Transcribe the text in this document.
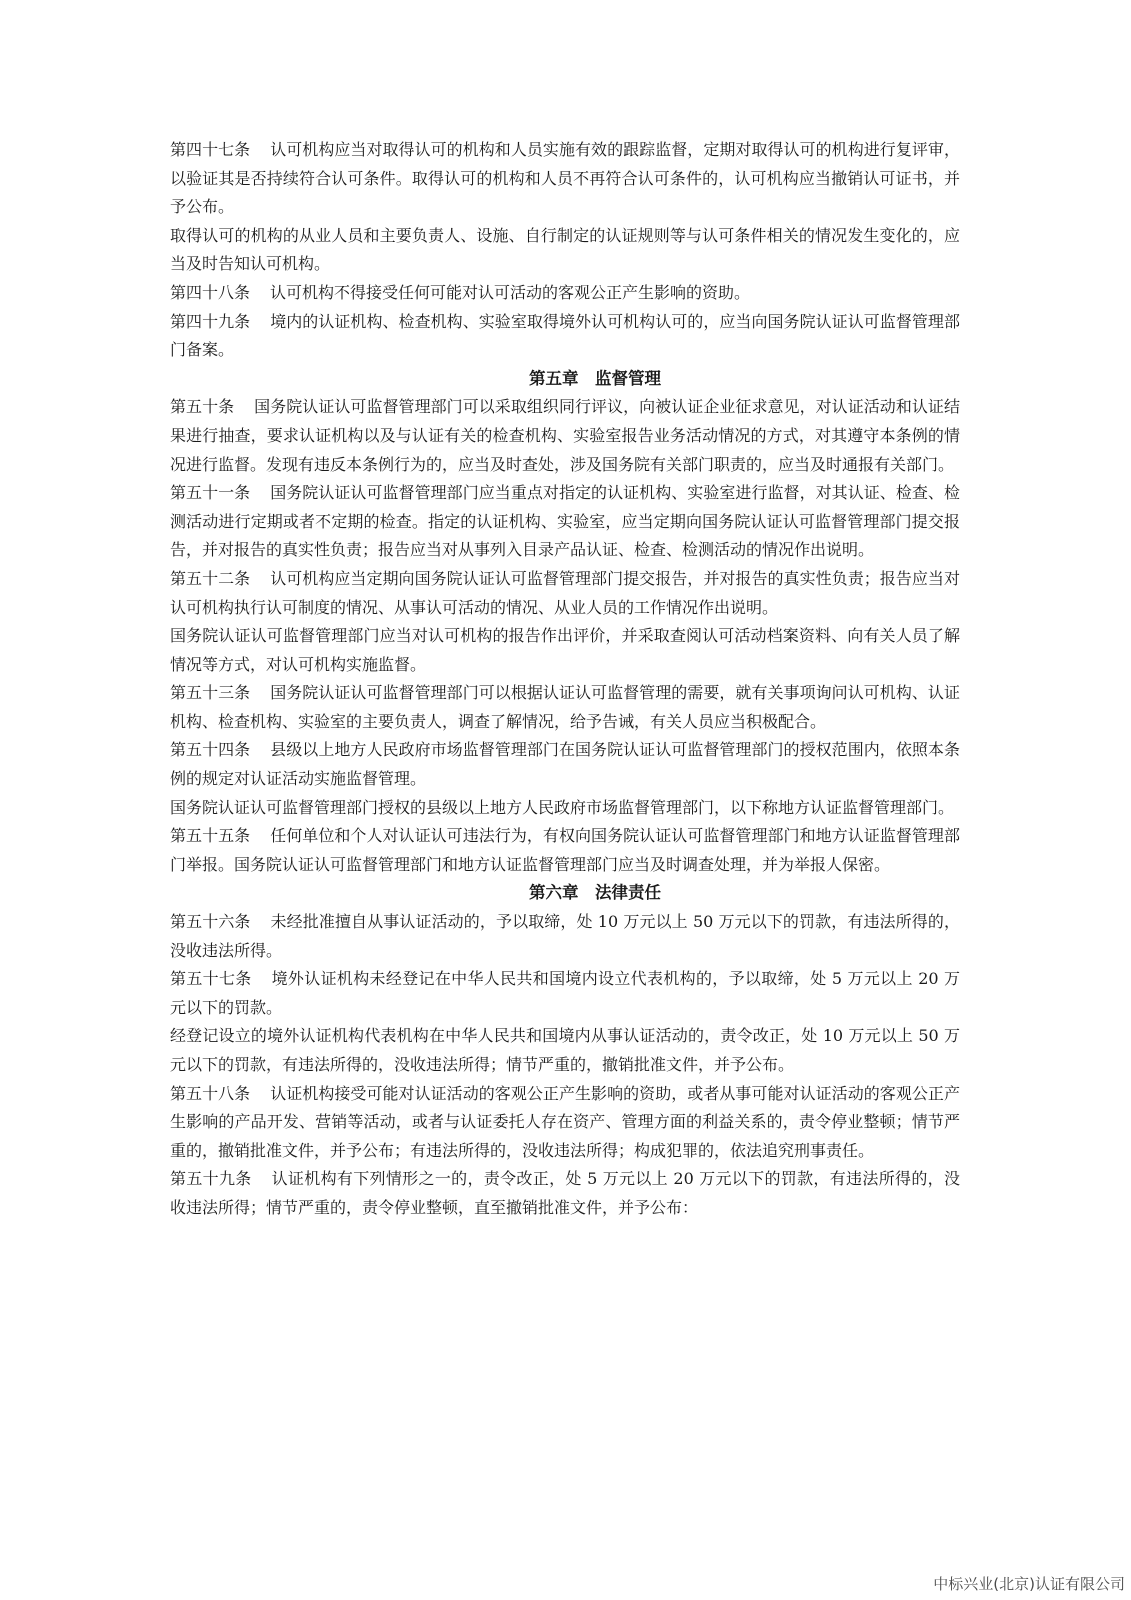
第四十七条 认可机构应当对取得认可的机构和人员实施有效的跟踪监督，定期对取得认可的机构进行复评审，以验证其是否持续符合认可条件。取得认可的机构和人员不再符合认可条件的，认可机构应当撤销认可证书，并予公布。

取得认可的机构的从业人员和主要负责人、设施、自行制定的认证规则等与认可条件相关的情况发生变化的，应当及时告知认可机构。

第四十八条 认可机构不得接受任何可能对认可活动的客观公正产生影响的资助。

第四十九条 境内的认证机构、检查机构、实验室取得境外认可机构认可的，应当向国务院认证认可监督管理部门备案。

第五章　监督管理

第五十条 国务院认证认可监督管理部门可以采取组织同行评议，向被认证企业征求意见，对认证活动和认证结果进行抽查，要求认证机构以及与认证有关的检查机构、实验室报告业务活动情况的方式，对其遵守本条例的情况进行监督。发现有违反本条例行为的，应当及时查处，涉及国务院有关部门职责的，应当及时通报有关部门。

第五十一条 国务院认证认可监督管理部门应当重点对指定的认证机构、实验室进行监督，对其认证、检查、检测活动进行定期或者不定期的检查。指定的认证机构、实验室，应当定期向国务院认证认可监督管理部门提交报告，并对报告的真实性负责；报告应当对从事列入目录产品认证、检查、检测活动的情况作出说明。

第五十二条 认可机构应当定期向国务院认证认可监督管理部门提交报告，并对报告的真实性负责；报告应当对认可机构执行认可制度的情况、从事认可活动的情况、从业人员的工作情况作出说明。

国务院认证认可监督管理部门应当对认可机构的报告作出评价，并采取查阅认可活动档案资料、向有关人员了解情况等方式，对认可机构实施监督。

第五十三条 国务院认证认可监督管理部门可以根据认证认可监督管理的需要，就有关事项询问认可机构、认证机构、检查机构、实验室的主要负责人，调查了解情况，给予告诫，有关人员应当积极配合。

第五十四条 县级以上地方人民政府市场监督管理部门在国务院认证认可监督管理部门的授权范围内，依照本条例的规定对认证活动实施监督管理。

国务院认证认可监督管理部门授权的县级以上地方人民政府市场监督管理部门，以下称地方认证监督管理部门。

第五十五条 任何单位和个人对认证认可违法行为，有权向国务院认证认可监督管理部门和地方认证监督管理部门举报。国务院认证认可监督管理部门和地方认证监督管理部门应当及时调查处理，并为举报人保密。

第六章　法律责任

第五十六条 未经批准擅自从事认证活动的，予以取缔，处 10 万元以上 50 万元以下的罚款，有违法所得的，没收违法所得。

第五十七条 境外认证机构未经登记在中华人民共和国境内设立代表机构的，予以取缔，处 5 万元以上 20 万元以下的罚款。

经登记设立的境外认证机构代表机构在中华人民共和国境内从事认证活动的，责令改正，处 10 万元以上 50 万元以下的罚款，有违法所得的，没收违法所得；情节严重的，撤销批准文件，并予公布。

第五十八条 认证机构接受可能对认证活动的客观公正产生影响的资助，或者从事可能对认证活动的客观公正产生影响的产品开发、营销等活动，或者与认证委托人存在资产、管理方面的利益关系的，责令停业整顿；情节严重的，撤销批准文件，并予公布；有违法所得的，没收违法所得；构成犯罪的，依法追究刑事责任。

第五十九条 认证机构有下列情形之一的，责令改正，处 5 万元以上 20 万元以下的罚款，有违法所得的，没收违法所得；情节严重的，责令停业整顿，直至撤销批准文件，并予公布：

中标兴业(北京)认证有限公司
